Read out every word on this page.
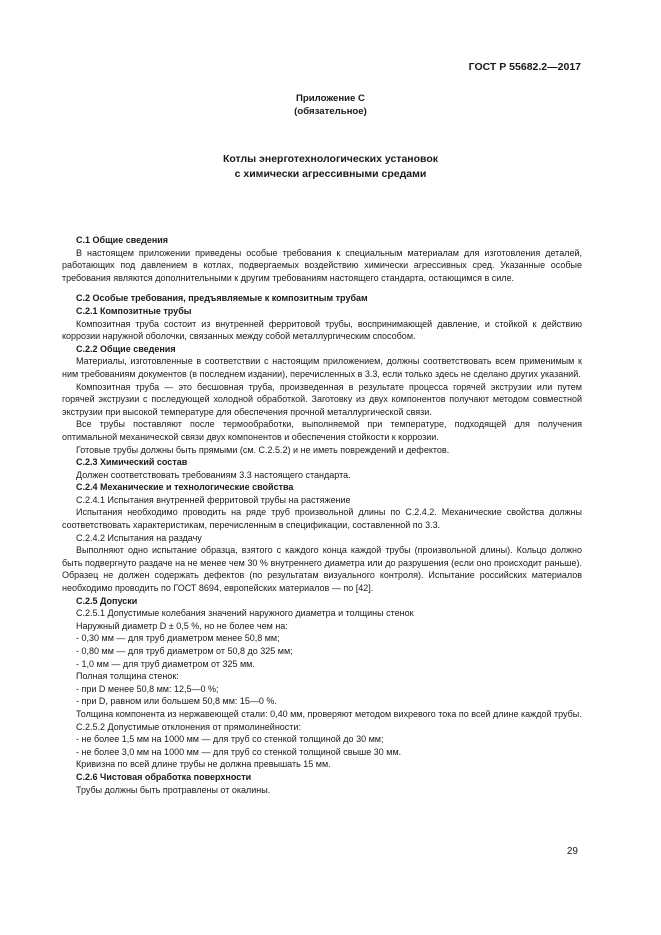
ГОСТ Р 55682.2—2017
Приложение С
(обязательное)
Котлы энерготехнологических установок
с химически агрессивными средами

С.1 Общие сведения

В настоящем приложении приведены особые требования к специальным материалам для изготовления деталей, работающих под давлением в котлах, подвергаемых воздействию химически агрессивных сред. Указанные особые требования являются дополнительными к другим требованиям настоящего стандарта, остающимся в силе.

С.2 Особые требования, предъявляемые к композитным трубам

С.2.1 Композитные трубы

Композитная труба состоит из внутренней ферритовой трубы, воспринимающей давление, и стойкой к действию коррозии наружной оболочки, связанных между собой металлургическим способом.

С.2.2 Общие сведения

Материалы, изготовленные в соответствии с настоящим приложением, должны соответствовать всем применимым к ним требованиям документов (в последнем издании), перечисленных в 3.3, если только здесь не сделано других указаний.

Композитная труба — это бесшовная труба, произведенная в результате процесса горячей экструзии или путем горячей экструзии с последующей холодной обработкой. Заготовку из двух компонентов получают методом совместной экструзии при высокой температуре для обеспечения прочной металлургической связи.

Все трубы поставляют после термообработки, выполняемой при температуре, подходящей для получения оптимальной механической связи двух компонентов и обеспечения стойкости к коррозии.

Готовые трубы должны быть прямыми (см. С.2.5.2) и не иметь повреждений и дефектов.

С.2.3 Химический состав

Должен соответствовать требованиям 3.3 настоящего стандарта.

С.2.4 Механические и технологические свойства

С.2.4.1 Испытания внутренней ферритовой трубы на растяжение

Испытания необходимо проводить на ряде труб произвольной длины по С.2.4.2. Механические свойства должны соответствовать характеристикам, перечисленным в спецификации, составленной по 3.3.

С.2.4.2 Испытания на раздачу

Выполняют одно испытание образца, взятого с каждого конца каждой трубы (произвольной длины). Кольцо должно быть подвергнуто раздаче на не менее чем 30 % внутреннего диаметра или до разрушения (если оно происходит раньше). Образец не должен содержать дефектов (по результатам визуального контроля). Испытание российских материалов необходимо проводить по ГОСТ 8694, европейских материалов — по [42].

С.2.5 Допуски

С.2.5.1 Допустимые колебания значений наружного диаметра и толщины стенок

Наружный диаметр D ± 0,5 %, но не более чем на:

- 0,30 мм — для труб диаметром менее 50,8 мм;

- 0,80 мм — для труб диаметром от 50,8 до 325 мм;

- 1,0 мм — для труб диаметром от 325 мм.

Полная толщина стенок:

- при D менее 50,8 мм: 12,5—0 %;

- при D, равном или большем 50,8 мм: 15—0 %.

Толщина компонента из нержавеющей стали: 0,40 мм, проверяют методом вихревого тока по всей длине каждой трубы.

С.2.5.2 Допустимые отклонения от прямолинейности:

- не более 1,5 мм на 1000 мм — для труб со стенкой толщиной до 30 мм;

- не более 3,0 мм на 1000 мм — для труб со стенкой толщиной свыше 30 мм.

Кривизна по всей длине трубы не должна превышать 15 мм.

С.2.6 Чистовая обработка поверхности

Трубы должны быть протравлены от окалины.

29
